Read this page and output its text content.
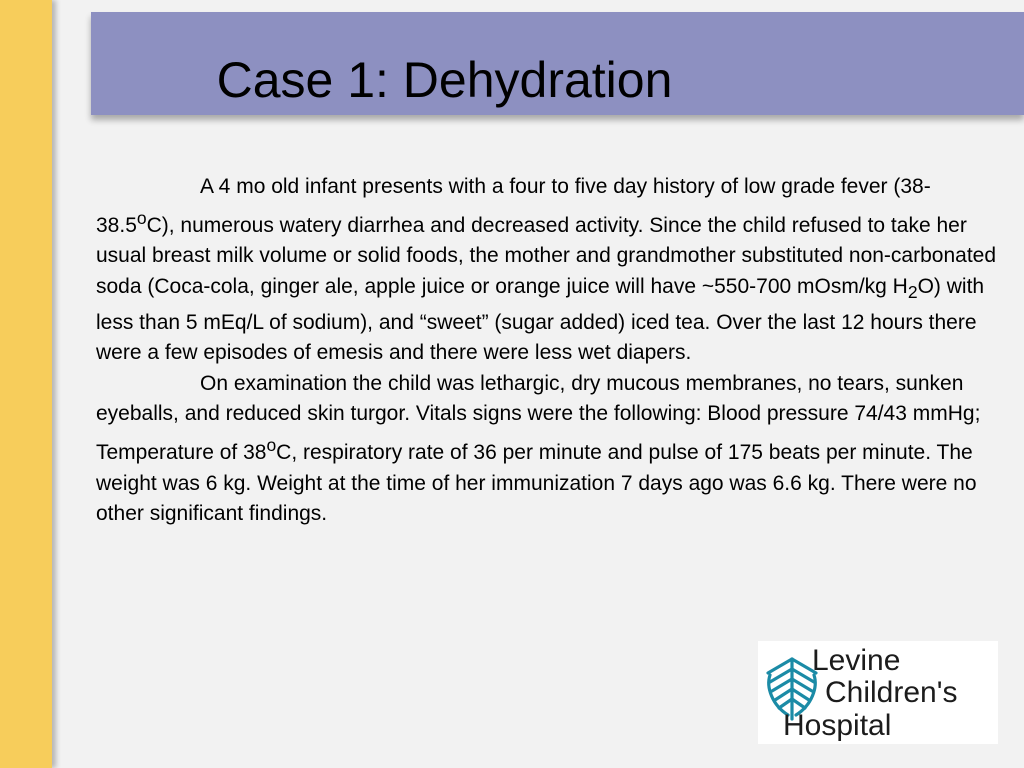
Case 1: Dehydration

A 4 mo old infant presents with a four to five day history of low grade fever (38-38.5$^o$C), numerous watery diarrhea and decreased activity. Since the child refused to take her usual breast milk volume or solid foods, the mother and grandmother substituted non-carbonated soda (Coca-cola, ginger ale, apple juice or orange juice will have ~550-700 mOsm/kg $H_2O$) with less than 5 mEq/L of sodium), and “sweet” (sugar added) iced tea. Over the last 12 hours there were a few episodes of emesis and there were less wet diapers.

On examination the child was lethargic, dry mucous membranes, no tears, sunken eyeballs, and reduced skin turgor. Vitals signs were the following: Blood pressure 74/43 mmHg; Temperature of 38$^o$C, respiratory rate of 36 per minute and pulse of 175 beats per minute. The weight was 6 kg. Weight at the time of her immunization 7 days ago was 6.6 kg. There were no other significant findings.

Levine
Children's
Hospital
